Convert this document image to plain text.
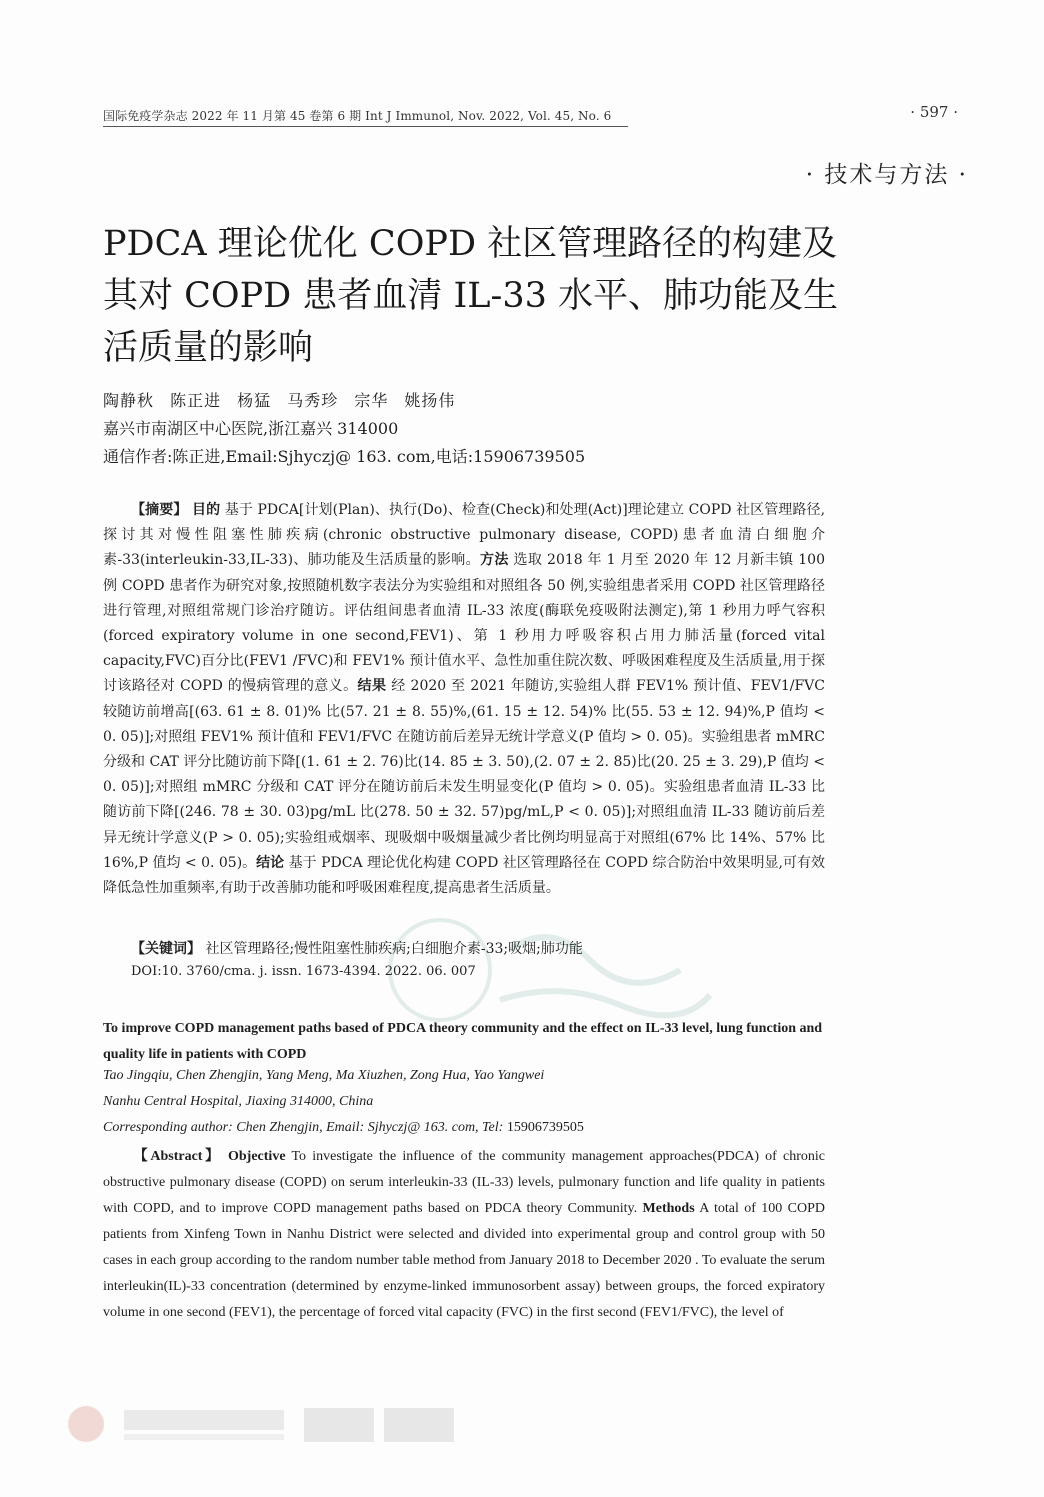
国际免疫学杂志 2022 年 11 月第 45 卷第 6 期 Int J Immunol, Nov. 2022, Vol. 45, No. 6	· 597 ·
· 技术与方法 ·
PDCA 理论优化 COPD 社区管理路径的构建及其对 COPD 患者血清 IL-33 水平、肺功能及生活质量的影响
陶静秋 陈正进 杨猛 马秀珍 宗华 姚扬伟
嘉兴市南湖区中心医院,浙江嘉兴 314000
通信作者:陈正进,Email:Sjhyczj@ 163. com,电话:15906739505
【摘要】 目的 基于 PDCA[计划(Plan)、执行(Do)、检查(Check)和处理(Act)]理论建立 COPD 社区管理路径,探讨其对慢性阻塞性肺疾病(chronic obstructive pulmonary disease, COPD)患者血清白细胞介素-33(interleukin-33,IL-33)、肺功能及生活质量的影响。方法 选取 2018 年 1 月至 2020 年 12 月新丰镇 100 例 COPD 患者作为研究对象,按照随机数字表法分为实验组和对照组各 50 例,实验组患者采用 COPD 社区管理路径进行管理,对照组常规门诊治疗随访。评估组间患者血清 IL-33 浓度(酶联免疫吸附法测定),第 1 秒用力呼气容积(forced expiratory volume in one second,FEV1)、第 1 秒用力呼吸容积占用力肺活量(forced vital capacity,FVC)百分比(FEV1 /FVC)和 FEV1% 预计值水平、急性加重住院次数、呼吸困难程度及生活质量,用于探讨该路径对 COPD 的慢病管理的意义。结果 经 2020 至 2021 年随访,实验组人群 FEV1% 预计值、FEV1/FVC 较随访前增高[(63. 61 ± 8. 01)% 比(57. 21 ± 8. 55)%,(61. 15 ± 12. 54)% 比(55. 53 ± 12. 94)%,P 值均 < 0. 05)];对照组 FEV1% 预计值和 FEV1/FVC 在随访前后差异无统计学意义(P 值均 > 0. 05)。实验组患者 mMRC 分级和 CAT 评分比随访前下降[(1. 61 ± 2. 76)比(14. 85 ± 3. 50),(2. 07 ± 2. 85)比(20. 25 ± 3. 29),P 值均 < 0. 05)];对照组 mMRC 分级和 CAT 评分在随访前后未发生明显变化(P 值均 > 0. 05)。实验组患者血清 IL-33 比随访前下降[(246. 78 ± 30. 03)pg/mL 比(278. 50 ± 32. 57)pg/mL,P < 0. 05)];对照组血清 IL-33 随访前后差异无统计学意义(P > 0. 05);实验组戒烟率、现吸烟中吸烟量减少者比例均明显高于对照组(67% 比 14%、57% 比 16%,P 值均 < 0. 05)。结论 基于 PDCA 理论优化构建 COPD 社区管理路径在 COPD 综合防治中效果明显,可有效降低急性加重频率,有助于改善肺功能和呼吸困难程度,提高患者生活质量。
【关键词】 社区管理路径;慢性阻塞性肺疾病;白细胞介素-33;吸烟;肺功能
DOI:10. 3760/cma. j. issn. 1673-4394. 2022. 06. 007
To improve COPD management paths based of PDCA theory community and the effect on IL-33 level, lung function and quality life in patients with COPD
Tao Jingqiu, Chen Zhengjin, Yang Meng, Ma Xiuzhen, Zong Hua, Yao Yangwei
Nanhu Central Hospital, Jiaxing 314000, China
Corresponding author: Chen Zhengjin, Email: Sjhyczj@ 163. com, Tel: 15906739505
【Abstract】 Objective To investigate the influence of the community management approaches(PDCA) of chronic obstructive pulmonary disease (COPD) on serum interleukin-33 (IL-33) levels, pulmonary function and life quality in patients with COPD, and to improve COPD management paths based on PDCA theory Community. Methods A total of 100 COPD patients from Xinfeng Town in Nanhu District were selected and divided into experimental group and control group with 50 cases in each group according to the random number table method from January 2018 to December 2020 . To evaluate the serum interleukin(IL)-33 concentration (determined by enzyme-linked immunosorbent assay) between groups, the forced expiratory volume in one second (FEV1), the percentage of forced vital capacity (FVC) in the first second (FEV1/FVC), the level of
